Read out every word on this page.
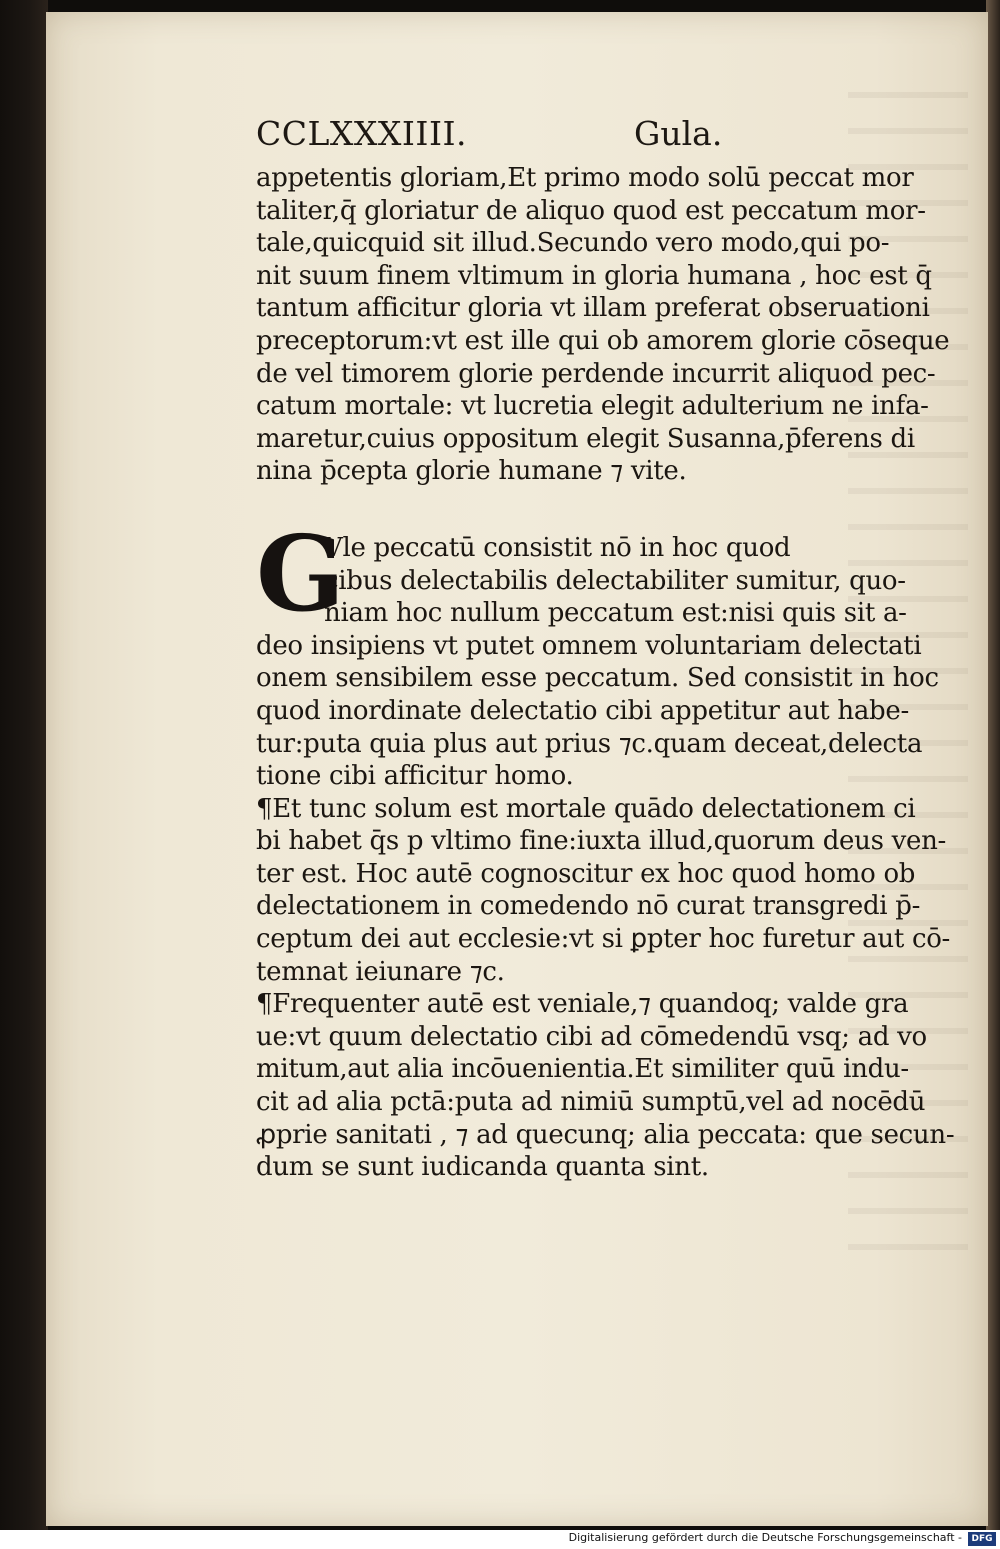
CCLXXXIIII.	Gula.
appetentis gloriam,Et primo modo solū peccat mor
taliter,q̄ gloriatur de aliquo quod est peccatum mor-
tale,quicquid sit illud.Secundo vero modo,qui po-
nit suum finem vltimum in gloria humana , hoc est q̄
tantum afficitur gloria vt illam preferat obseruationi
preceptorum:vt est ille qui ob amorem glorie cōseque
de vel timorem glorie perdende incurrit aliquod pec-
catum mortale: vt lucretia elegit adulterium ne infa-
maretur,cuius oppositum elegit Susanna,p̄ferens di
nina p̄cepta glorie humane ⁊ vite.
G
Vle peccatū consistit nō in hoc quod
cibus delectabilis delectabiliter sumitur, quo-
niam hoc nullum peccatum est:nisi quis sit a-
deo insipiens vt putet omnem voluntariam delectati
onem sensibilem esse peccatum. Sed consistit in hoc
quod inordinate delectatio cibi appetitur aut habe-
tur:puta quia plus aut prius ⁊c.quam deceat,delecta
tione cibi afficitur homo.
¶Et tunc solum est mortale quādo delectationem ci
bi habet q̄s p vltimo fine:iuxta illud,quorum deus ven-
ter est. Hoc autē cognoscitur ex hoc quod homo ob
delectationem in comedendo nō curat transgredi p̄-
ceptum dei aut ecclesie:vt si ꝑpter hoc furetur aut cō-
temnat ieiunare ⁊c.
¶Frequenter autē est veniale,⁊ quandoq; valde gra
ue:vt quum delectatio cibi ad cōmedendū vsq; ad vo
mitum,aut alia incōuenientia.Et similiter quū indu-
cit ad alia pctā:puta ad nimiū sumptū,vel ad nocēdū
ꝓprie sanitati , ⁊ ad quecunq; alia peccata: que secun-
dum se sunt iudicanda quanta sint.
Digitalisierung gefördert durch die Deutsche Forschungsgemeinschaft -	DFG
